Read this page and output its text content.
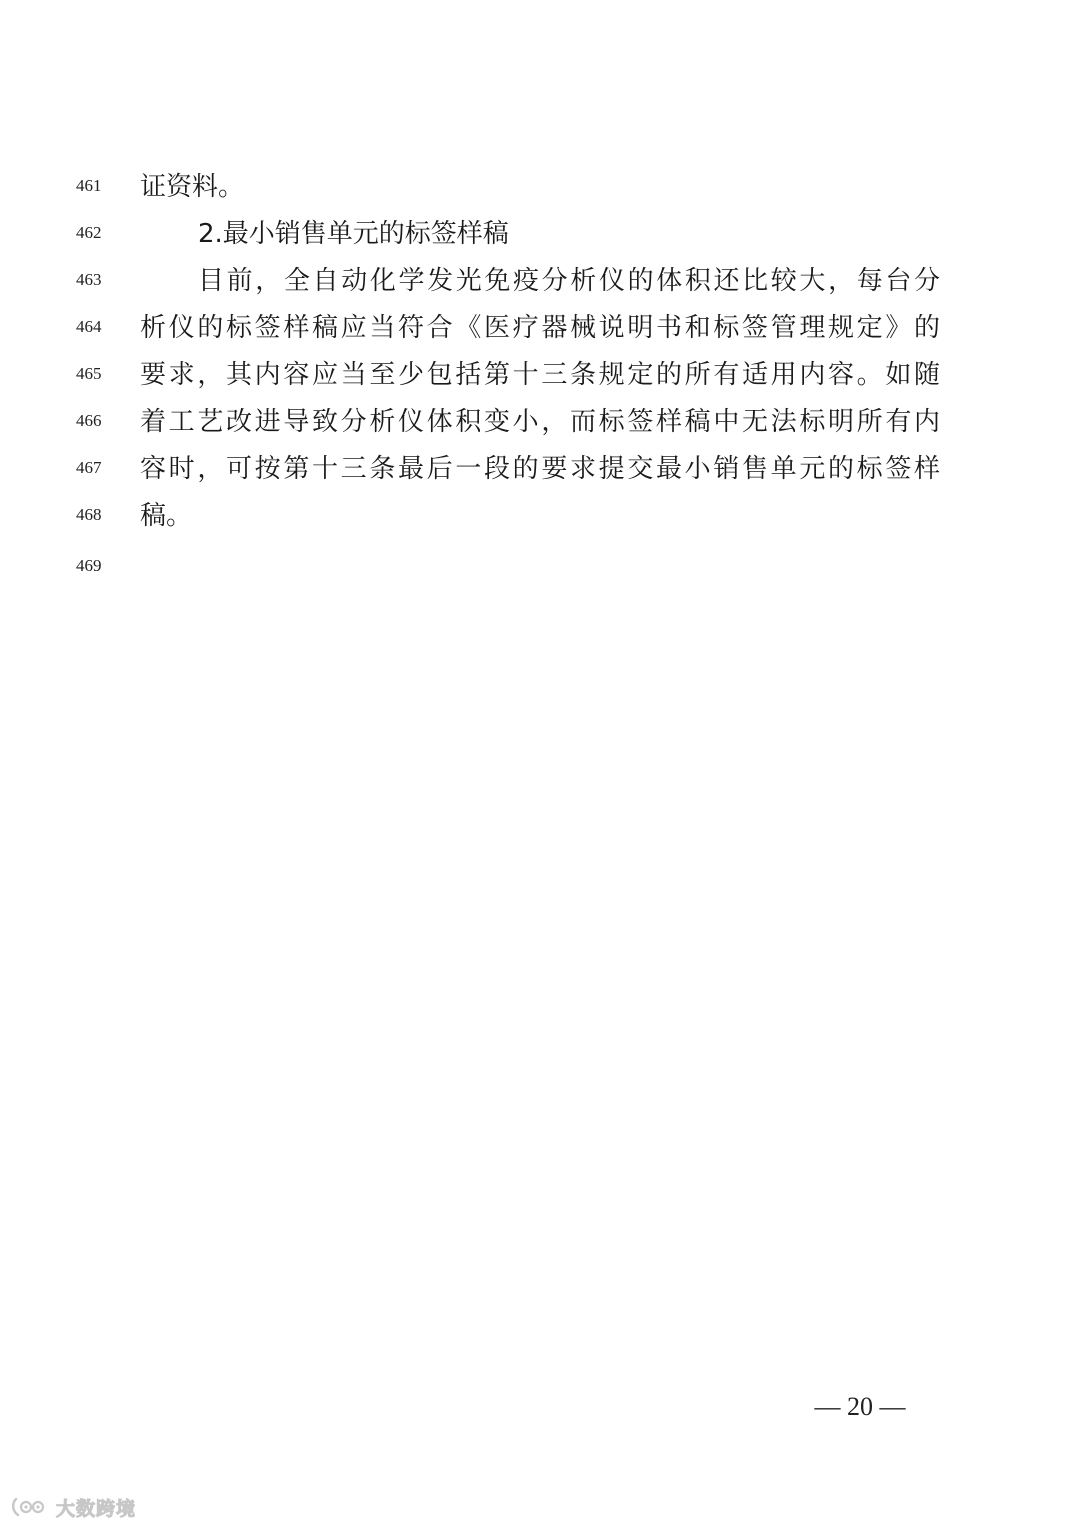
461 证资料。
462	2.最小销售单元的标签样稿
463	目前，全自动化学发光免疫分析仪的体积还比较大，每台分
464 析仪的标签样稿应当符合《医疗器械说明书和标签管理规定》的
465 要求，其内容应当至少包括第十三条规定的所有适用内容。如随
466 着工艺改进导致分析仪体积变小，而标签样稿中无法标明所有内
467 容时，可按第十三条最后一段的要求提交最小销售单元的标签样
468 稿。
469
— 20 —
大数跨境
